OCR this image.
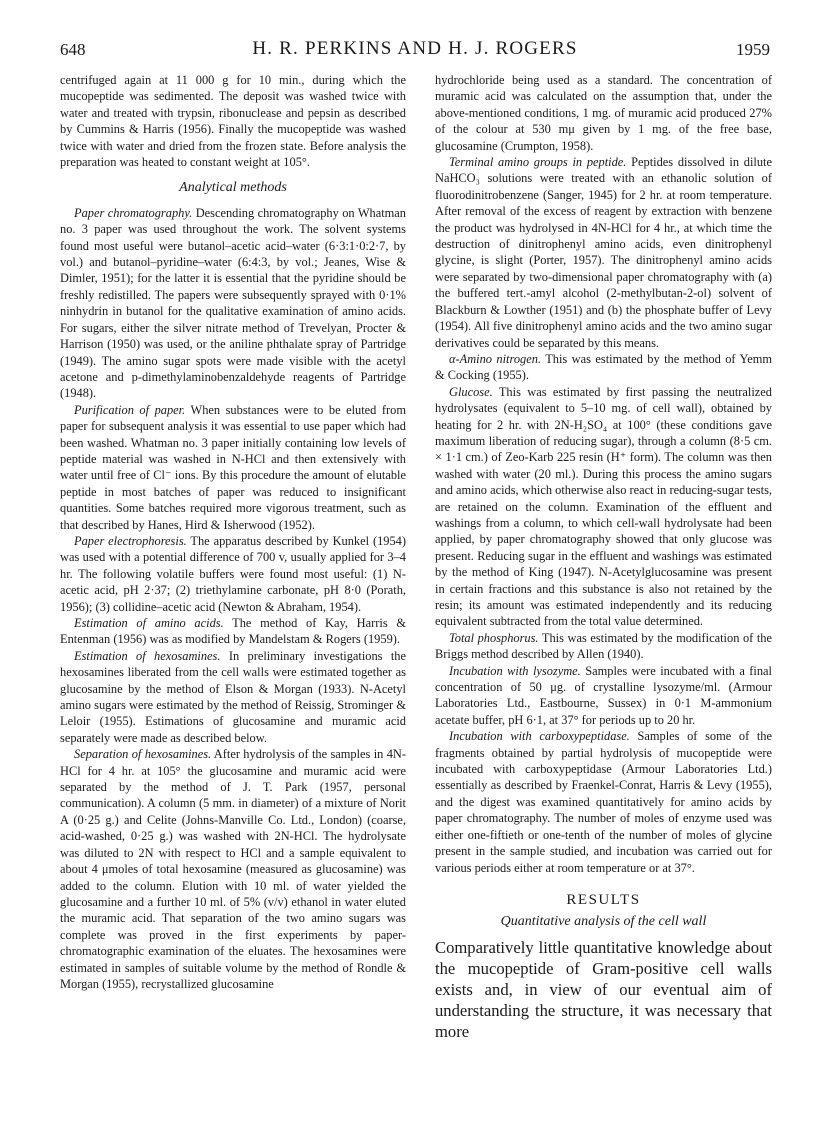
648	H. R. PERKINS AND H. J. ROGERS	1959

centrifuged again at 11 000 g for 10 min., during which the mucopeptide was sedimented. The deposit was washed twice with water and treated with trypsin, ribonuclease and pepsin as described by Cummins & Harris (1956). Finally the mucopeptide was washed twice with water and dried from the frozen state. Before analysis the preparation was heated to constant weight at 105°.

Analytical methods

Paper chromatography. Descending chromatography on Whatman no. 3 paper was used throughout the work. The solvent systems found most useful were butanol–acetic acid–water (6·3:1·0:2·7, by vol.) and butanol–pyridine–water (6:4:3, by vol.; Jeanes, Wise & Dimler, 1951); for the latter it is essential that the pyridine should be freshly redistilled. The papers were subsequently sprayed with 0·1% ninhydrin in butanol for the qualitative examination of amino acids. For sugars, either the silver nitrate method of Trevelyan, Procter & Harrison (1950) was used, or the aniline phthalate spray of Partridge (1949). The amino sugar spots were made visible with the acetyl acetone and p-dimethylaminobenzaldehyde reagents of Partridge (1948).

Purification of paper. When substances were to be eluted from paper for subsequent analysis it was essential to use paper which had been washed. Whatman no. 3 paper initially containing low levels of peptide material was washed in N-HCl and then extensively with water until free of Cl⁻ ions. By this procedure the amount of elutable peptide in most batches of paper was reduced to insignificant quantities. Some batches required more vigorous treatment, such as that described by Hanes, Hird & Isherwood (1952).

Paper electrophoresis. The apparatus described by Kunkel (1954) was used with a potential difference of 700 v, usually applied for 3–4 hr. The following volatile buffers were found most useful: (1) N-acetic acid, pH 2·37; (2) triethylamine carbonate, pH 8·0 (Porath, 1956); (3) collidine–acetic acid (Newton & Abraham, 1954).

Estimation of amino acids. The method of Kay, Harris & Entenman (1956) was as modified by Mandelstam & Rogers (1959).

Estimation of hexosamines. In preliminary investigations the hexosamines liberated from the cell walls were estimated together as glucosamine by the method of Elson & Morgan (1933). N-Acetyl amino sugars were estimated by the method of Reissig, Strominger & Leloir (1955). Estimations of glucosamine and muramic acid separately were made as described below.

Separation of hexosamines. After hydrolysis of the samples in 4N-HCl for 4 hr. at 105° the glucosamine and muramic acid were separated by the method of J. T. Park (1957, personal communication). A column (5 mm. in diameter) of a mixture of Norit A (0·25 g.) and Celite (Johns-Manville Co. Ltd., London) (coarse, acid-washed, 0·25 g.) was washed with 2N-HCl. The hydrolysate was diluted to 2N with respect to HCl and a sample equivalent to about 4 μmoles of total hexosamine (measured as glucosamine) was added to the column. Elution with 10 ml. of water yielded the glucosamine and a further 10 ml. of 5% (v/v) ethanol in water eluted the muramic acid. That separation of the two amino sugars was complete was proved in the first experiments by paper-chromatographic examination of the eluates. The hexosamines were estimated in samples of suitable volume by the method of Rondle & Morgan (1955), recrystallized glucosamine

hydrochloride being used as a standard. The concentration of muramic acid was calculated on the assumption that, under the above-mentioned conditions, 1 mg. of muramic acid produced 27% of the colour at 530 mμ given by 1 mg. of the free base, glucosamine (Crumpton, 1958).

Terminal amino groups in peptide. Peptides dissolved in dilute NaHCO₃ solutions were treated with an ethanolic solution of fluorodinitrobenzene (Sanger, 1945) for 2 hr. at room temperature. After removal of the excess of reagent by extraction with benzene the product was hydrolysed in 4N-HCl for 4 hr., at which time the destruction of dinitrophenyl amino acids, even dinitrophenyl glycine, is slight (Porter, 1957). The dinitrophenyl amino acids were separated by two-dimensional paper chromatography with (a) the buffered tert.-amyl alcohol (2-methylbutan-2-ol) solvent of Blackburn & Lowther (1951) and (b) the phosphate buffer of Levy (1954). All five dinitrophenyl amino acids and the two amino sugar derivatives could be separated by this means.

α-Amino nitrogen. This was estimated by the method of Yemm & Cocking (1955).

Glucose. This was estimated by first passing the neutralized hydrolysates (equivalent to 5–10 mg. of cell wall), obtained by heating for 2 hr. with 2N-H₂SO₄ at 100° (these conditions gave maximum liberation of reducing sugar), through a column (8·5 cm. × 1·1 cm.) of Zeo-Karb 225 resin (H⁺ form). The column was then washed with water (20 ml.). During this process the amino sugars and amino acids, which otherwise also react in reducing-sugar tests, are retained on the column. Examination of the effluent and washings from a column, to which cell-wall hydrolysate had been applied, by paper chromatography showed that only glucose was present. Reducing sugar in the effluent and washings was estimated by the method of King (1947). N-Acetylglucosamine was present in certain fractions and this substance is also not retained by the resin; its amount was estimated independently and its reducing equivalent subtracted from the total value determined.

Total phosphorus. This was estimated by the modification of the Briggs method described by Allen (1940).

Incubation with lysozyme. Samples were incubated with a final concentration of 50 μg. of crystalline lysozyme/ml. (Armour Laboratories Ltd., Eastbourne, Sussex) in 0·1 M-ammonium acetate buffer, pH 6·1, at 37° for periods up to 20 hr.

Incubation with carboxypeptidase. Samples of some of the fragments obtained by partial hydrolysis of mucopeptide were incubated with carboxypeptidase (Armour Laboratories Ltd.) essentially as described by Fraenkel-Conrat, Harris & Levy (1955), and the digest was examined quantitatively for amino acids by paper chromatography. The number of moles of enzyme used was either one-fiftieth or one-tenth of the number of moles of glycine present in the sample studied, and incubation was carried out for various periods either at room temperature or at 37°.

RESULTS
Quantitative analysis of the cell wall

Comparatively little quantitative knowledge about the mucopeptide of Gram-positive cell walls exists and, in view of our eventual aim of understanding the structure, it was necessary that more
